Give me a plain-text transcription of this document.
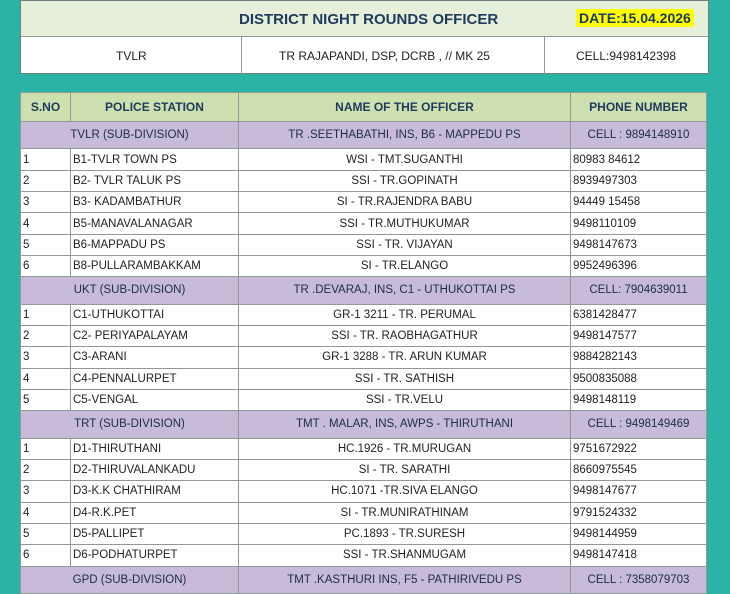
DISTRICT NIGHT ROUNDS OFFICER	DATE:15.04.2026
TVLR	TR RAJAPANDI, DSP, DCRB , // MK 25	CELL:9498142398
S.NO	POLICE STATION	NAME OF THE OFFICER	PHONE NUMBER
TVLR (SUB-DIVISION)		TR .SEETHABATHI, INS, B6 - MAPPEDU PS	CELL : 9894148910
1	B1-TVLR TOWN PS	WSI - TMT.SUGANTHI	80983 84612
2	B2- TVLR TALUK PS	SSI - TR.GOPINATH	8939497303
3	B3- KADAMBATHUR	SI - TR.RAJENDRA BABU	94449 15458
4	B5-MANAVALANAGAR	SSI - TR.MUTHUKUMAR	9498110109
5	B6-MAPPADU PS	SSI - TR. VIJAYAN	9498147673
6	B8-PULLARAMBAKKAM	SI - TR.ELANGO	9952496396
UKT (SUB-DIVISION)		TR .DEVARAJ, INS, C1 - UTHUKOTTAI PS	CELL: 7904639011
1	C1-UTHUKOTTAI	GR-1 3211 - TR. PERUMAL	6381428477
2	C2- PERIYAPALAYAM	SSI - TR. RAOBHAGATHUR	9498147577
3	C3-ARANI	GR-1 3288 - TR. ARUN KUMAR	9884282143
4	C4-PENNALURPET	SSI - TR. SATHISH	9500835088
5	C5-VENGAL	SSI - TR.VELU	9498148119
TRT (SUB-DIVISION)		TMT . MALAR, INS, AWPS - THIRUTHANI	CELL : 9498149469
1	D1-THIRUTHANI	HC.1926 - TR.MURUGAN	9751672922
2	D2-THIRUVALANKADU	SI - TR. SARATHI	8660975545
3	D3-K.K CHATHIRAM	HC.1071 -TR.SIVA ELANGO	9498147677
4	D4-R.K.PET	SI - TR.MUNIRATHINAM	9791524332
5	D5-PALLIPET	PC.1893 - TR.SURESH	9498144959
6	D6-PODHATURPET	SSI - TR.SHANMUGAM	9498147418
GPD (SUB-DIVISION)		TMT .KASTHURI INS, F5 - PATHIRIVEDU PS	CELL : 7358079703
